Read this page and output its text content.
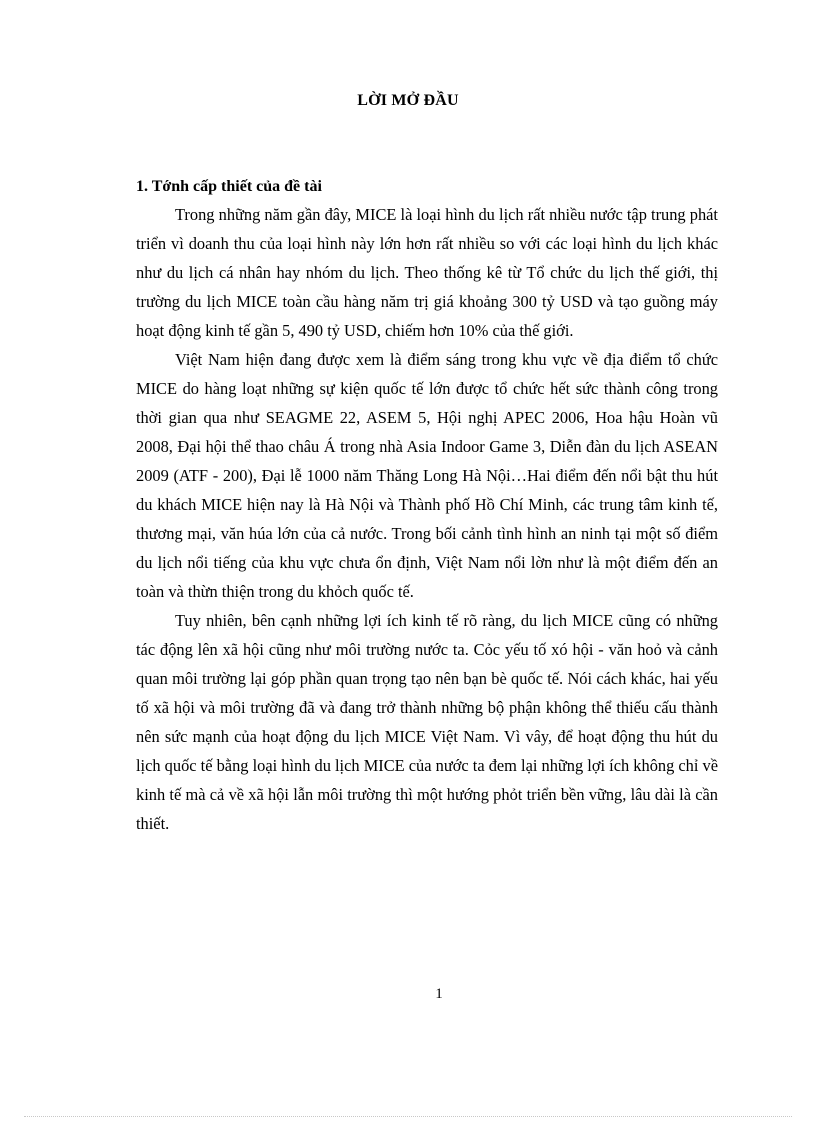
LỜI MỞ ĐẦU

1. Tớnh cấp thiết của đề tài

Trong những năm gần đây, MICE là loại hình du lịch rất nhiều nước tập trung phát triển vì doanh thu của loại hình này lớn hơn rất nhiều so với các loại hình du lịch khác như du lịch cá nhân hay nhóm du lịch. Theo thống kê từ Tổ chức du lịch thế giới, thị trường du lịch MICE toàn cầu hàng năm trị giá khoảng 300 tỷ USD và tạo guồng máy hoạt động kinh tế gần 5, 490 tỷ USD, chiếm hơn 10% của thế giới.

Việt Nam hiện đang được xem là điểm sáng trong khu vực về địa điểm tổ chức MICE do hàng loạt những sự kiện quốc tế lớn được tổ chức hết sức thành công trong thời gian qua như SEAGME 22, ASEM 5, Hội nghị APEC 2006, Hoa hậu Hoàn vũ 2008, Đại hội thể thao châu Á trong nhà Asia Indoor Game 3, Diễn đàn du lịch ASEAN 2009 (ATF - 200), Đại lễ 1000 năm Thăng Long Hà Nội…Hai điểm đến nổi bật thu hút du khách MICE hiện nay là Hà Nội và Thành phố Hồ Chí Minh, các trung tâm kinh tế, thương mại, văn húa lớn của cả nước. Trong bối cảnh tình hình an ninh tại một số điểm du lịch nổi tiếng của khu vực chưa ổn định, Việt Nam nổi lờn như là một điểm đến an toàn và thừn thiện trong du khỏch quốc tế.

Tuy nhiên, bên cạnh những lợi ích kinh tế rõ ràng, du lịch MICE cũng có những tác động lên xã hội cũng như môi trường nước ta. Cỏc yếu tố xó hội - văn hoỏ và cảnh quan môi trường lại góp phần quan trọng tạo nên bạn bè quốc tế. Nói cách khác, hai yếu tố xã hội và môi trường đã và đang trở thành những bộ phận không thể thiếu cấu thành nên sức mạnh của hoạt động du lịch MICE Việt Nam. Vì vây, để hoạt động thu hút du lịch quốc tế bằng loại hình du lịch MICE của nước ta đem lại những lợi ích không chỉ về kinh tế mà cả về xã hội lẫn môi trường thì một hướng phỏt triển bền vững, lâu dài là cần thiết.

1
